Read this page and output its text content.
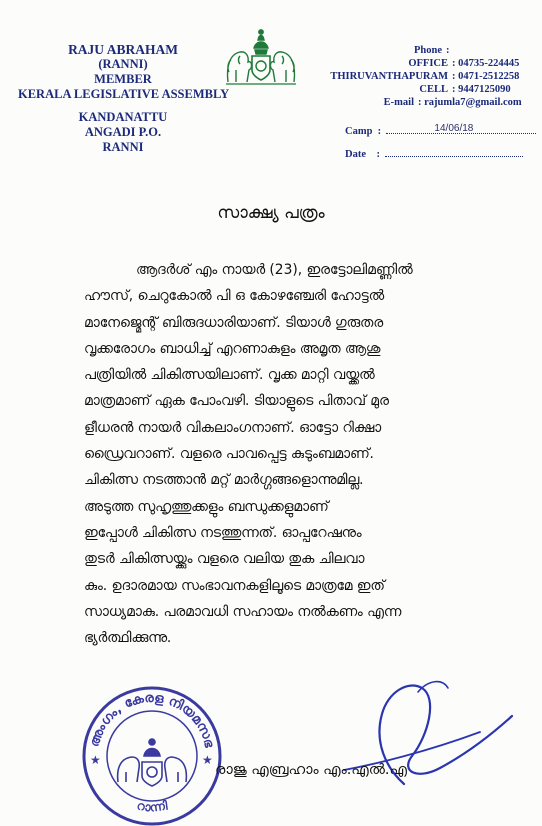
RAJU ABRAHAM
(RANNI)
MEMBER
KERALA LEGISLATIVE ASSEMBLY
KANDANATTU
ANGADI P.O.
RANNI
Phone :
OFFICE : 04735-224445
THIRUVANTHAPURAM : 0471-2512258
CELL : 9447125090
E-mail : rajumla7@gmail.com
Camp  :	14/06/18
Date    :
സാക്ഷ്യ പത്രം
ആദർശ് എം നായർ (23), ഇരട്ടോലിമണ്ണിൽ
ഹൗസ്, ചെറുകോൽ പി ഒ കോഴഞ്ചേരി ഹോട്ടൽ
മാനേജ്മെന്റ് ബിരുദധാരിയാണ്. ടിയാൾ ഗുരുതര
വൃക്കരോഗം ബാധിച്ച് എറണാകുളം അമൃത ആശു
പത്രിയിൽ ചികിത്സയിലാണ്. വൃക്ക മാറ്റി വയ്ക്കൽ
മാത്രമാണ് ഏക പോംവഴി. ടിയാളുടെ പിതാവ് മുര
ളീധരൻ നായർ വികലാംഗനാണ്. ഓട്ടോ റിക്ഷാ
ഡ്രൈവറാണ്. വളരെ പാവപ്പെട്ട കുടുംബമാണ്.
ചികിത്സ നടത്താൻ മറ്റ് മാർഗ്ഗങ്ങളൊന്നുമില്ല.
അടുത്ത സുഹൃത്തുക്കളും ബന്ധുക്കളുമാണ്
ഇപ്പോൾ ചികിത്സ നടത്തുന്നത്. ഓപ്പറേഷനും
തുടർ ചികിത്സയ്ക്കും വളരെ വലിയ തുക ചിലവാ
കും. ഉദാരമായ സംഭാവനകളിലൂടെ മാത്രമേ ഇത്
സാധ്യമാകു. പരമാവധി സഹായം നൽകണം എന്ന
ഭ്യർത്ഥിക്കുന്നു.
അംഗം, കേരള നിയമസഭ
റാന്നി
★	★
രാജു എബ്രഹാം എം.എൽ.എ
